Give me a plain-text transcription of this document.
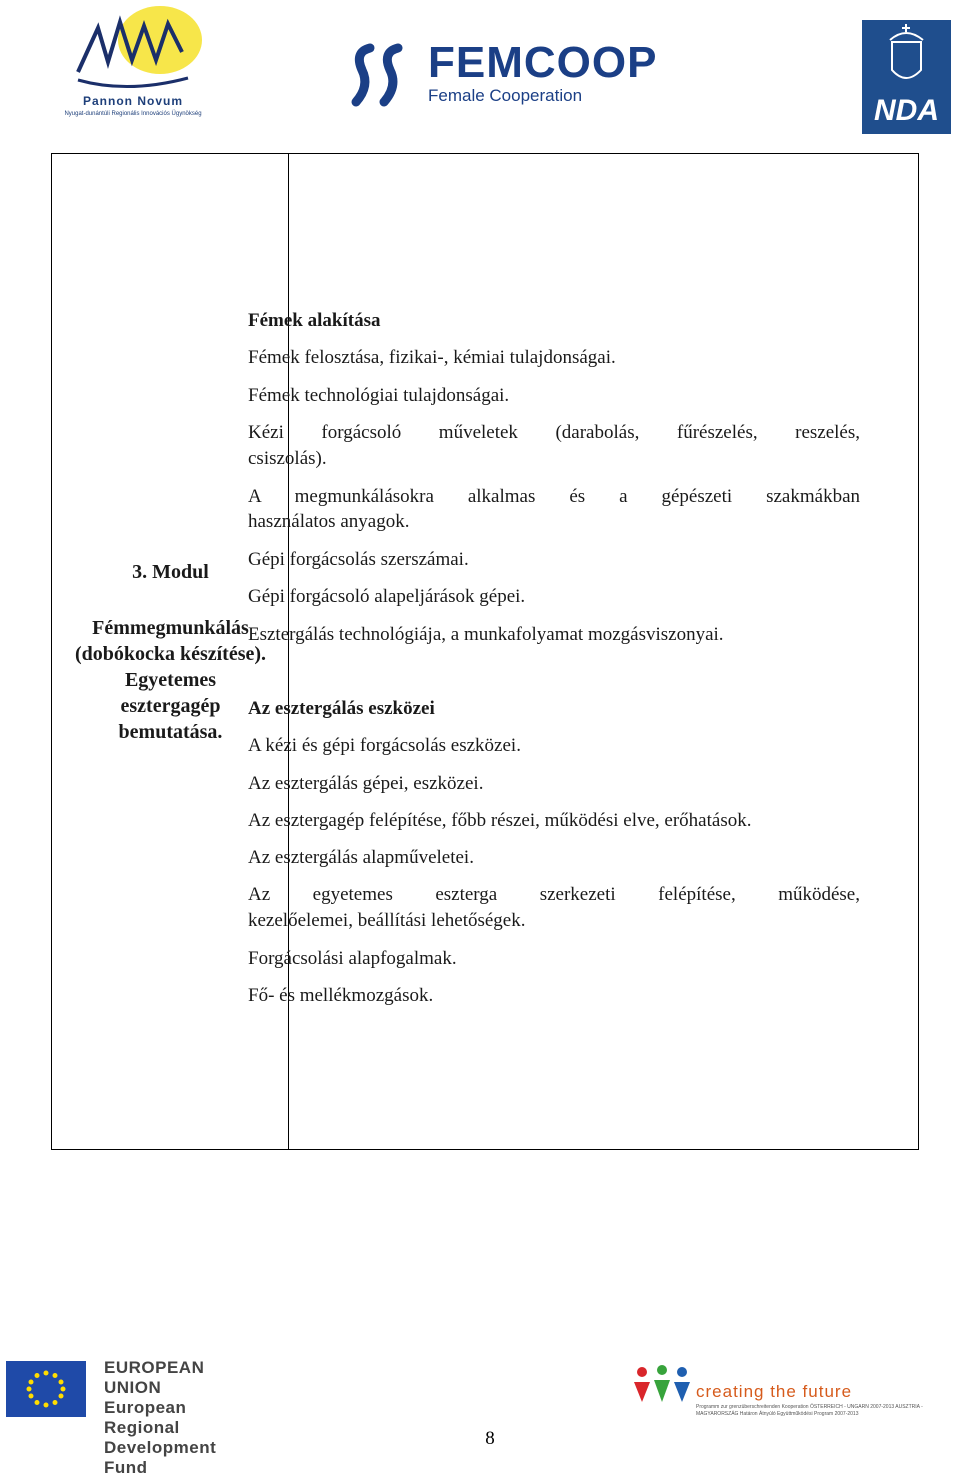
Pannon Novum
Nyugat-dunántúli Regionális Innovációs Ügynökség
FEMCOOP
Female Cooperation	NDA
3. Modul
Fémmegmunkálás
(dobókocka készítése).
Egyetemes
esztergagép
bemutatása.
Fémek alakítása
Fémek felosztása, fizikai-, kémiai tulajdonságai.
Fémek technológiai tulajdonságai.
Kézi forgácsoló műveletek (darabolás, fűrészelés, reszelés,
csiszolás).
A megmunkálásokra alkalmas és a gépészeti szakmákban
használatos anyagok.
Gépi forgácsolás szerszámai.
Gépi forgácsoló alapeljárások gépei.
Esztergálás technológiája, a munkafolyamat mozgásviszonyai.
Az esztergálás eszközei
A kézi és gépi forgácsolás eszközei.
Az esztergálás gépei, eszközei.
Az esztergagép felépítése, főbb részei, működési elve, erőhatások.
Az esztergálás alapműveletei.
Az egyetemes eszterga szerkezeti felépítése, működése,
kezelőelemei, beállítási lehetőségek.
Forgácsolási alapfogalmak.
Fő- és mellékmozgások.
EUROPEAN UNION
European Regional
Development Fund
creating the future
Programm zur grenzüberschreitenden Kooperation ÖSTERREICH - UNGARN 2007-2013 AUSZTRIA - MAGYARORSZÁG Határon Átnyúló Együttműködési Program 2007-2013
8
